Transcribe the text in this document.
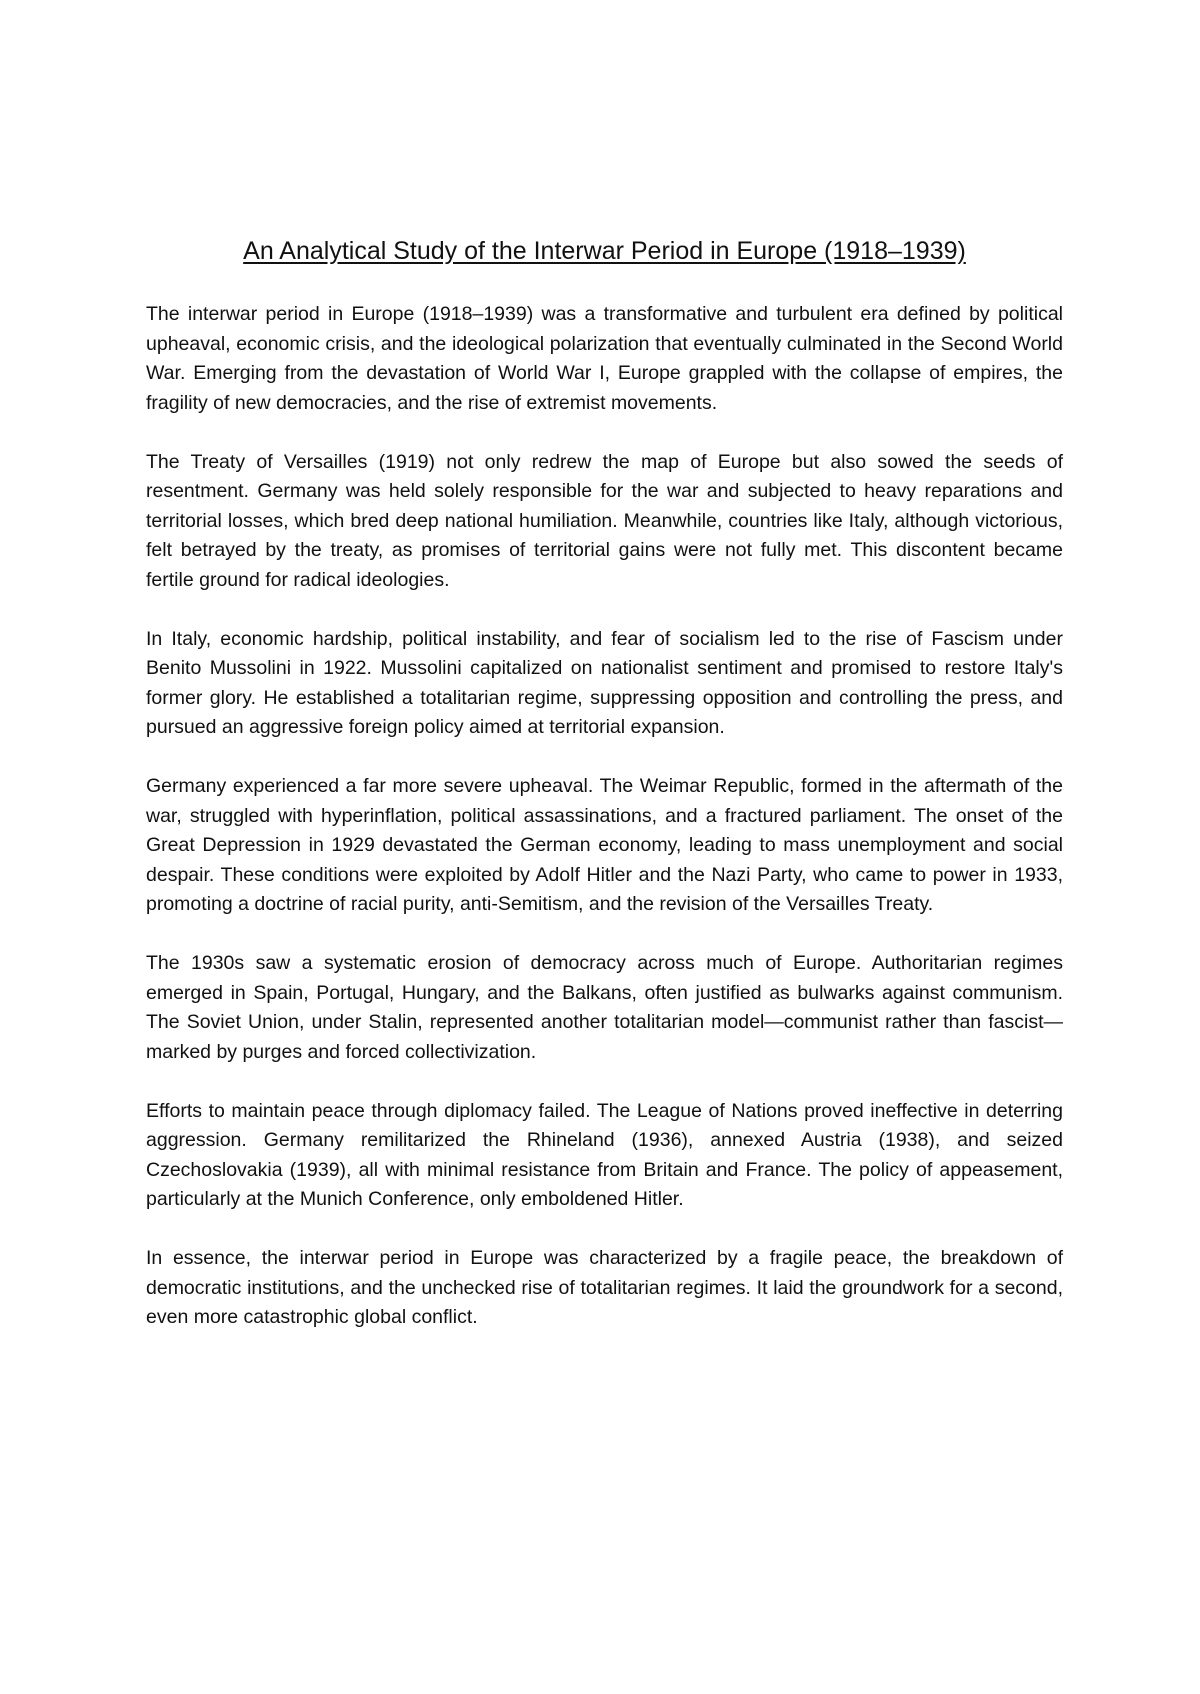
An Analytical Study of the Interwar Period in Europe (1918–1939)

The interwar period in Europe (1918–1939) was a transformative and turbulent era defined by political upheaval, economic crisis, and the ideological polarization that eventually culminated in the Second World War. Emerging from the devastation of World War I, Europe grappled with the collapse of empires, the fragility of new democracies, and the rise of extremist movements.

The Treaty of Versailles (1919) not only redrew the map of Europe but also sowed the seeds of resentment. Germany was held solely responsible for the war and subjected to heavy reparations and territorial losses, which bred deep national humiliation. Meanwhile, countries like Italy, although victorious, felt betrayed by the treaty, as promises of territorial gains were not fully met. This discontent became fertile ground for radical ideologies.

In Italy, economic hardship, political instability, and fear of socialism led to the rise of Fascism under Benito Mussolini in 1922. Mussolini capitalized on nationalist sentiment and promised to restore Italy's former glory. He established a totalitarian regime, suppressing opposition and controlling the press, and pursued an aggressive foreign policy aimed at territorial expansion.

Germany experienced a far more severe upheaval. The Weimar Republic, formed in the aftermath of the war, struggled with hyperinflation, political assassinations, and a fractured parliament. The onset of the Great Depression in 1929 devastated the German economy, leading to mass unemployment and social despair. These conditions were exploited by Adolf Hitler and the Nazi Party, who came to power in 1933, promoting a doctrine of racial purity, anti-Semitism, and the revision of the Versailles Treaty.

The 1930s saw a systematic erosion of democracy across much of Europe. Authoritarian regimes emerged in Spain, Portugal, Hungary, and the Balkans, often justified as bulwarks against communism. The Soviet Union, under Stalin, represented another totalitarian model—communist rather than fascist—marked by purges and forced collectivization.

Efforts to maintain peace through diplomacy failed. The League of Nations proved ineffective in deterring aggression. Germany remilitarized the Rhineland (1936), annexed Austria (1938), and seized Czechoslovakia (1939), all with minimal resistance from Britain and France. The policy of appeasement, particularly at the Munich Conference, only emboldened Hitler.

In essence, the interwar period in Europe was characterized by a fragile peace, the breakdown of democratic institutions, and the unchecked rise of totalitarian regimes. It laid the groundwork for a second, even more catastrophic global conflict.
